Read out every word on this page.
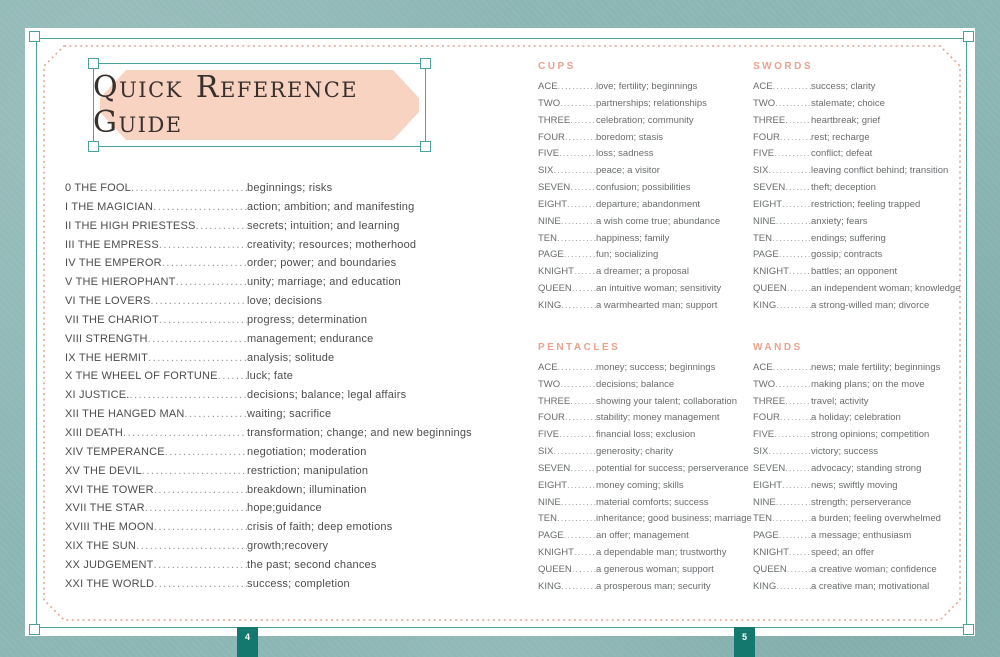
Quick Reference Guide
0 THE FOOL .....	beginnings; risks
I THE MAGICIAN .....	action; ambition; and manifesting
II THE HIGH PRIESTESS .....	secrets; intuition; and learning
III THE EMPRESS .....	creativity; resources; motherhood
IV THE EMPEROR .....	order; power; and boundaries
V THE HIEROPHANT .....	unity; marriage; and education
VI THE LOVERS .....	love; decisions
VII THE CHARIOT .....	progress; determination
VIII STRENGTH .....	management; endurance
IX THE HERMIT .....	analysis; solitude
X THE WHEEL OF FORTUNE .....	luck; fate
XI JUSTICE. .....	decisions; balance; legal affairs
XII THE HANGED MAN .....	waiting; sacrifice
XIII DEATH .....	transformation; change; and new beginnings
XIV TEMPERANCE .....	negotiation; moderation
XV THE DEVIL .....	restriction; manipulation
XVI THE TOWER .....	breakdown; illumination
XVII THE STAR .....	hope;guidance
XVIII THE MOON .....	crisis of faith; deep emotions
XIX THE SUN .....	growth;recovery
XX JUDGEMENT .....	the past; second chances
XXI THE WORLD .....	success; completion
CUPS
ACE .....	love; fertility; beginnings
TWO .....	partnerships; relationships
THREE .....	celebration; community
FOUR .....	boredom; stasis
FIVE .....	loss; sadness
SIX .....	peace; a visitor
SEVEN .....	confusion; possibilities
EIGHT .....	departure; abandonment
NINE .....	a wish come true; abundance
TEN .....	happiness; family
PAGE .....	fun; socializing
KNIGHT ..... a dreamer; a proposal
QUEEN .....	an intuitive woman; sensitivity
KING .....	a warmhearted man; support
SWORDS
ACE .....	success; clarity
TWO .....	stalemate; choice
THREE .....	heartbreak; grief
FOUR .....	rest; recharge
FIVE .....	conflict; defeat
SIX .....	leaving conflict behind; transition
SEVEN .....	theft; deception
EIGHT .....	restriction; feeling trapped
NINE .....	anxiety; fears
TEN .....	endings; suffering
PAGE .....	gossip; contracts
KNIGHT ..... battles; an opponent
QUEEN .....	an independent woman; knowledge
KING .....	a strong-willed man; divorce
PENTACLES
ACE .....	money; success; beginnings
TWO .....	decisions; balance
THREE .....	showing your talent; collaboration
FOUR .....	stability; money management
FIVE .....	financial loss; exclusion
SIX .....	generosity; charity
SEVEN .....	potential for success; perserverance
EIGHT .....	money coming; skills
NINE .....	material comforts; success
TEN .....	inheritance; good business; marriage
PAGE .....	an offer; management
KNIGHT ..... a dependable man; trustworthy
QUEEN .....	a generous woman; support
KING .....	a prosperous man; security
WANDS
ACE .....	news; male fertility; beginnings
TWO .....	making plans; on the move
THREE .....	travel; activity
FOUR .....	a holiday; celebration
FIVE .....	strong opinions; competition
SIX .....	victory; success
SEVEN .....	advocacy; standing strong
EIGHT .....	news; swiftly moving
NINE .....	strength; perserverance
TEN .....	a burden; feeling overwhelmed
PAGE .....	a message; enthusiasm
KNIGHT ..... speed; an offer
QUEEN .....	a creative woman; confidence
KING .....	a creative man; motivational
4	5
